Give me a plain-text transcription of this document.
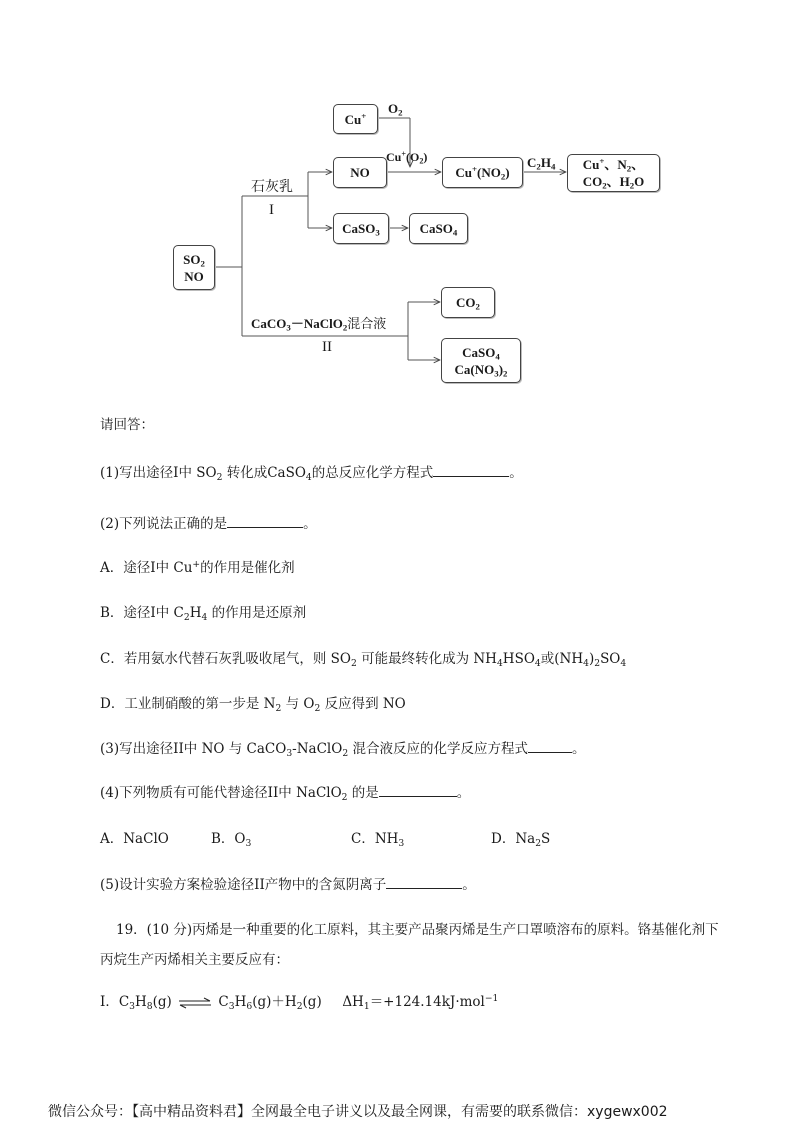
$SO_2$
NO
Cu+ $O_2$
石灰乳
I
NO
$Cu^+(O_2)$
$Cu^+(NO_2)$
$C_2H_4$ Cu+、$N_2$、
$CO_2$、$H_2O$
CaSO$_3$	CaSO$_4$
CaCO$_3$－NaClO$_2$混合液
II
$CO_2$
CaSO$_4$
$Ca(NO_3)_2$
请回答：
(1)写出途径I中 $SO_2$ 转化成CaSO$_4$的总反应化学方程式	。
(2)下列说法正确的是	。
A．途径I中 Cu+的作用是催化剂
B．途径I中 $C_2H_4$ 的作用是还原剂
C．若用氨水代替石灰乳吸收尾气，则 $SO_2$ 可能最终转化成为 $NH_4HSO_4$或$(NH_4)_2SO_4$
D．工业制硝酸的第一步是 $N_2$ 与 $O_2$ 反应得到 NO
(3)写出途径II中 NO 与 CaCO$_3$-NaClO$_2$ 混合液反应的化学反应方程式	。
(4)下列物质有可能代替途径II中 NaClO$_2$ 的是	。
A．NaClO	B．$O_3$	C．$NH_3$	D．$Na_2S$
(5)设计实验方案检验途径II产物中的含氮阴离子	。
19．(10 分)丙烯是一种重要的化工原料，其主要产品聚丙烯是生产口罩喷溶布的原料。铬基催化剂下
丙烷生产丙烯相关主要反应有：
I．$C_3H_8(g)$ ⇌ $C_3H_6(g)+H_2(g)$ $\Delta H_1=+124.14kJ\cdot mol^{-1}$
微信公众号：【高中精品资料君】全网最全电子讲义以及最全网课，有需要的联系微信：xygewx002
